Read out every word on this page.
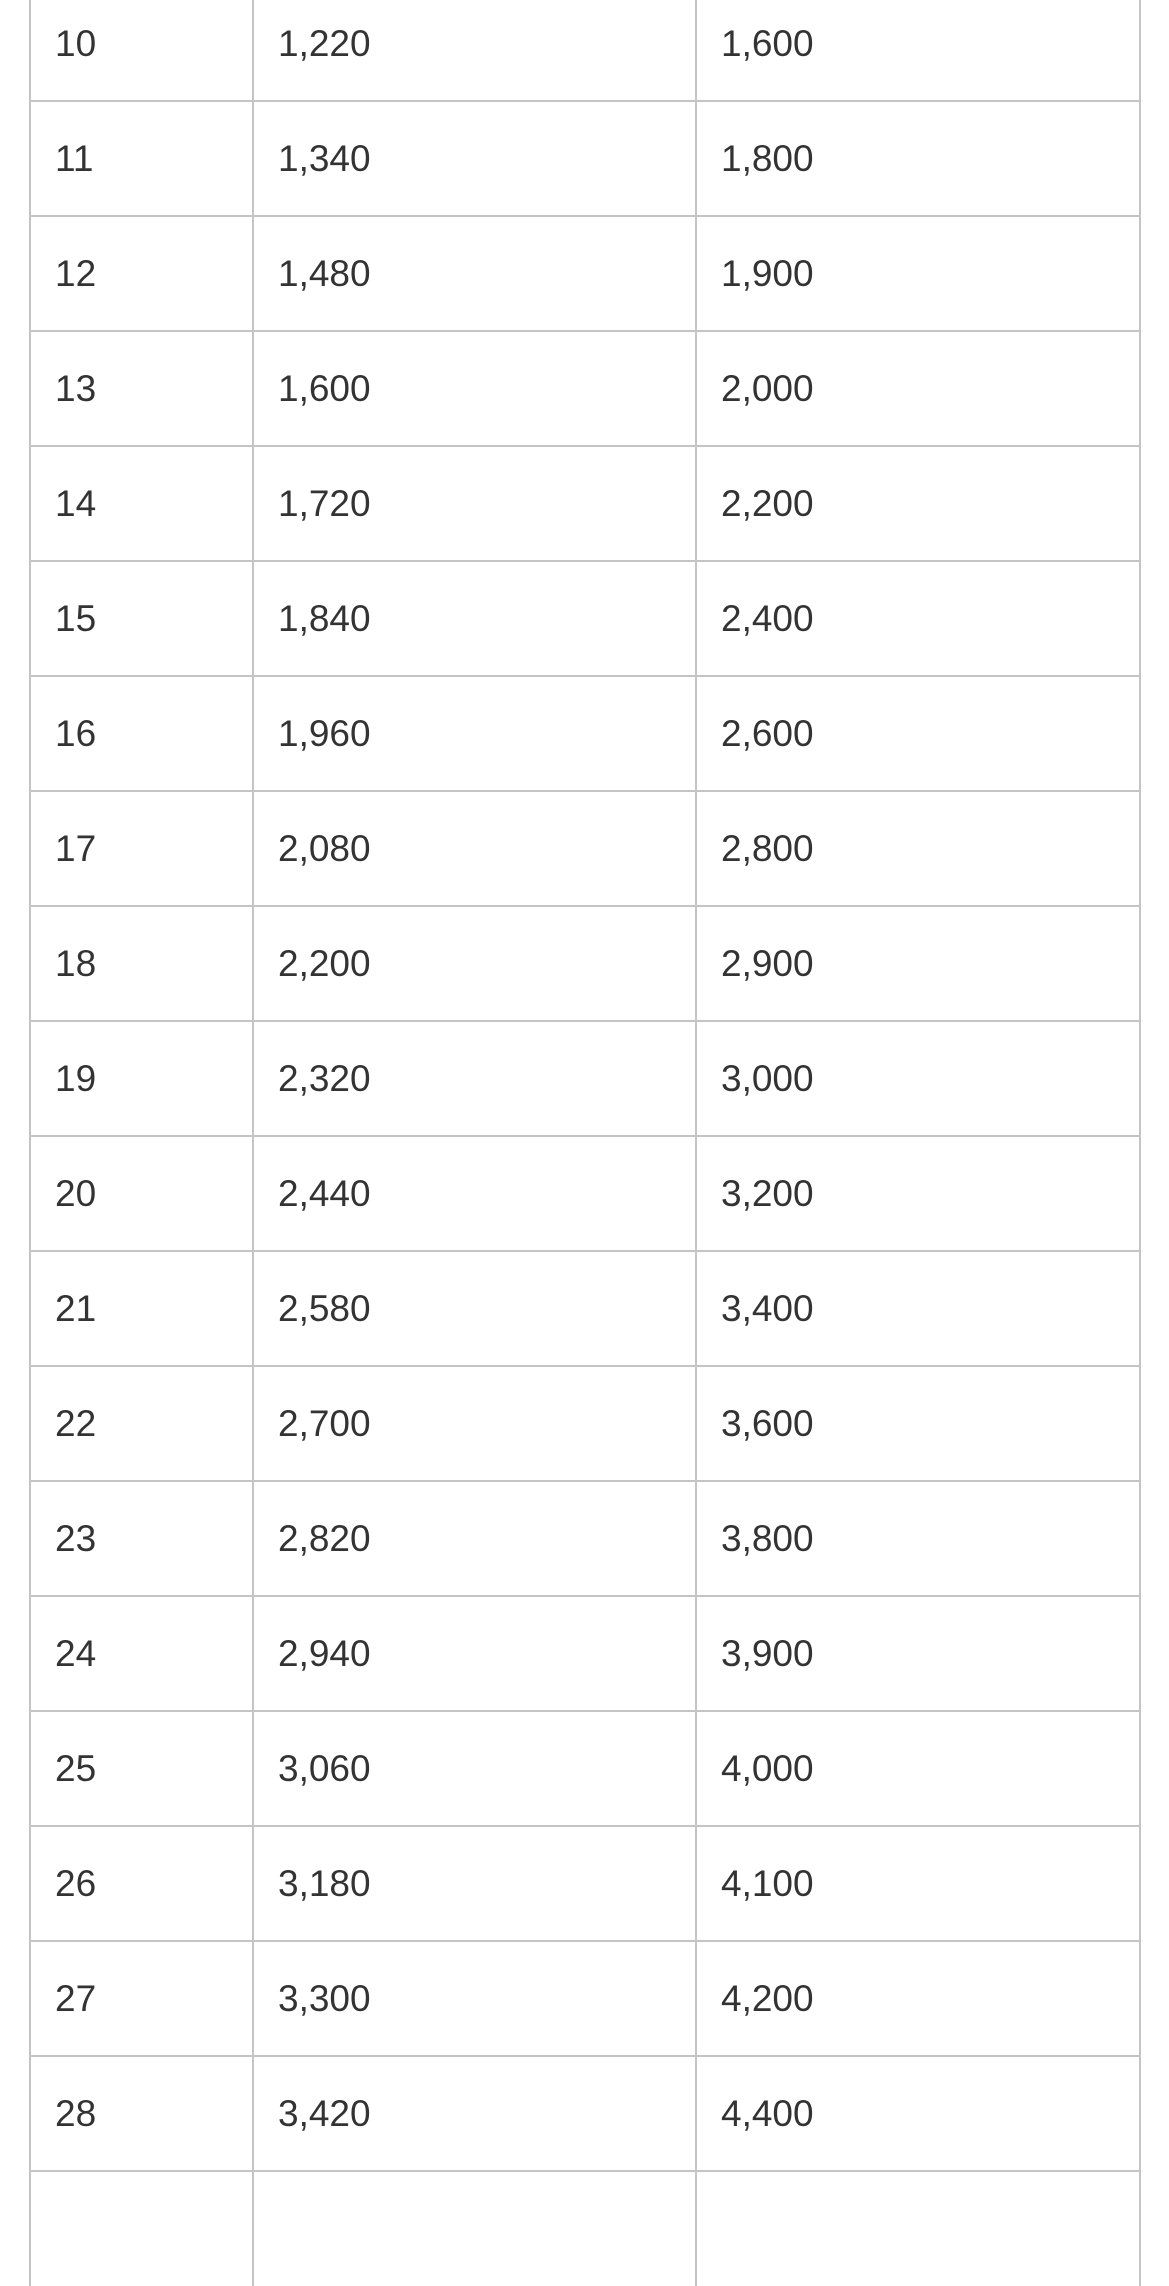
10	1,220	1,600
11	1,340	1,800
12	1,480	1,900
13	1,600	2,000
14	1,720	2,200
15	1,840	2,400
16	1,960	2,600
17	2,080	2,800
18	2,200	2,900
19	2,320	3,000
20	2,440	3,200
21	2,580	3,400
22	2,700	3,600
23	2,820	3,800
24	2,940	3,900
25	3,060	4,000
26	3,180	4,100
27	3,300	4,200
28	3,420	4,400
